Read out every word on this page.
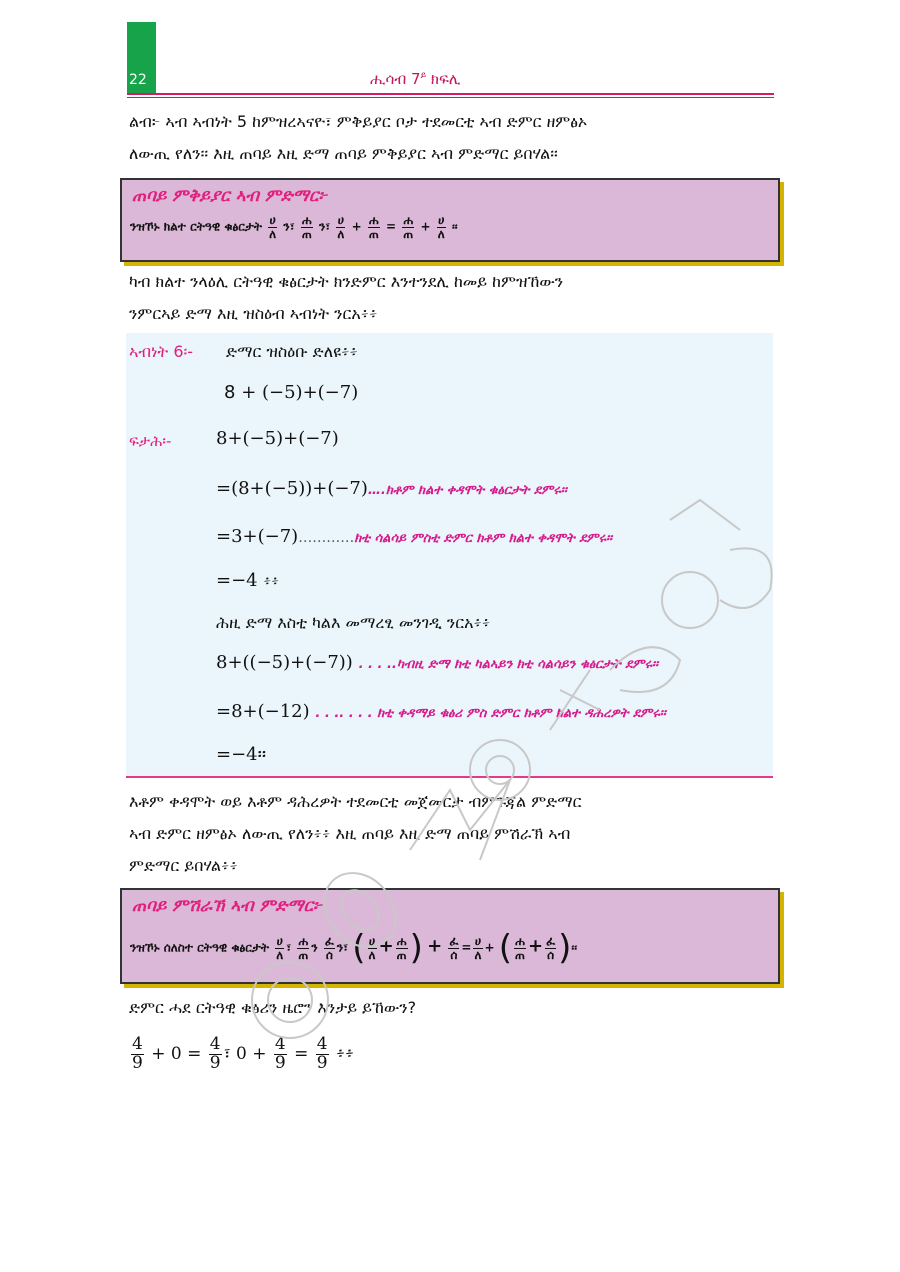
22	ሒሳብ $7^ይ$ ክፍሊ
ልብ፦ ኣብ ኣብነት 5 ከምዝረኣናዮ፣ ምቅይያር ቦታ ተደመርቲ ኣብ ድምር ዘምፅኦ
ለውጢ የለን፡፡ እዚ ጠባይ እዚ ድማ ጠባይ ምቅይያር ኣብ ምድማር ይበሃል፡፡
ጠባይ ምቅይያር ኣብ ምድማር፦
ንዝኾኑ ክልተ ርትዓዊ ቁፅርታት $\frac{\text{ሀ}}{\text{ለ}}$ ን፣ $\frac{\text{ሐ}}{\text{ጠ}}$ ን፣ $\frac{\text{ሀ}}{\text{ለ}} + \frac{\text{ሐ}}{\text{ጠ}} = \frac{\text{ሐ}}{\text{ጠ}} + \frac{\text{ሀ}}{\text{ለ}}$ ፡፡
ካብ ክልተ ንላዕሊ ርትዓዊ ቁፅርታት ክንድምር እንተንደሊ ከመይ ከምዝኸውን
ንምርኣይ ድማ እዚ ዝስዕብ ኣብነት ንርአ፥፥
ኣብነት 6፡- ድማር ዝስዕቡ ድለዩ፥፥
8 + (−5)+(−7)
ፍታሕ፡- 8+(−5)+(−7)
=(8+(−5))+(−7)….ክቶም ክልተ ቀዳሞት ቁፅርታት ደምሩ፡፡
=3+(−7)…………ክቲ ሳልሳይ ምስቲ ድምር ክቶም ክልተ ቀዳሞት ደምሩ፡፡
=−4 ፥፥
ሕዚ ድማ እስቲ ካልእ መማረፂ መንገዲ ንርአ፥፥
8+((−5)+(−7)) . . . ..ካብዚ ድማ ክቲ ካልኣይን ክቲ ሳልሳይን ቁፅርታት ደምሩ፡፡
=8+(−12) . . .. . . . ክቲ ቀዳማይ ቁፅሪ ምስ ድምር ክቶም ክልተ ዳሕረዎት ደምሩ፡፡
=−4፡፡
እቶም ቀዳሞት ወይ እቶም ዳሕረዎት ተደመርቲ መጀመርታ ብምጉጃል ምድማር
ኣብ ድምር ዘምፅኦ ለውጢ የለን፥፥ እዚ ጠባይ እዚ ድማ ጠባይ ምሽራኽ ኣብ
ምድማር ይበሃል፥፥
ጠባይ ምሽራኽ ኣብ ምድማር፦
ንዝኾኑ ሰለስተ ርትዓዊ ቁፅርታት $\frac{\text{ሀ}}{\text{ለ}}$ ፣ $\frac{\text{ሐ}}{\text{ጠ}}$ ን $\frac{\text{ፈ}}{\text{ሰ}}$ ን፣ ( $\frac{\text{ሀ}}{\text{ለ}} + \frac{\text{ሐ}}{\text{ጠ}}$ ) + $\frac{\text{ፈ}}{\text{ሰ}} = \frac{\text{ሀ}}{\text{ለ}}$ + ( $\frac{\text{ሐ}}{\text{ጠ}} + \frac{\text{ፈ}}{\text{ሰ}}$ )፡፡
ድምር ሓደ ርትዓዊ ቁፅሪን ዜሮን እንታይ ይኸውን?
$\frac{4}{9} + 0 = \frac{4}{9}$ ፣ $0 + \frac{4}{9} = \frac{4}{9}$ ፥፥
